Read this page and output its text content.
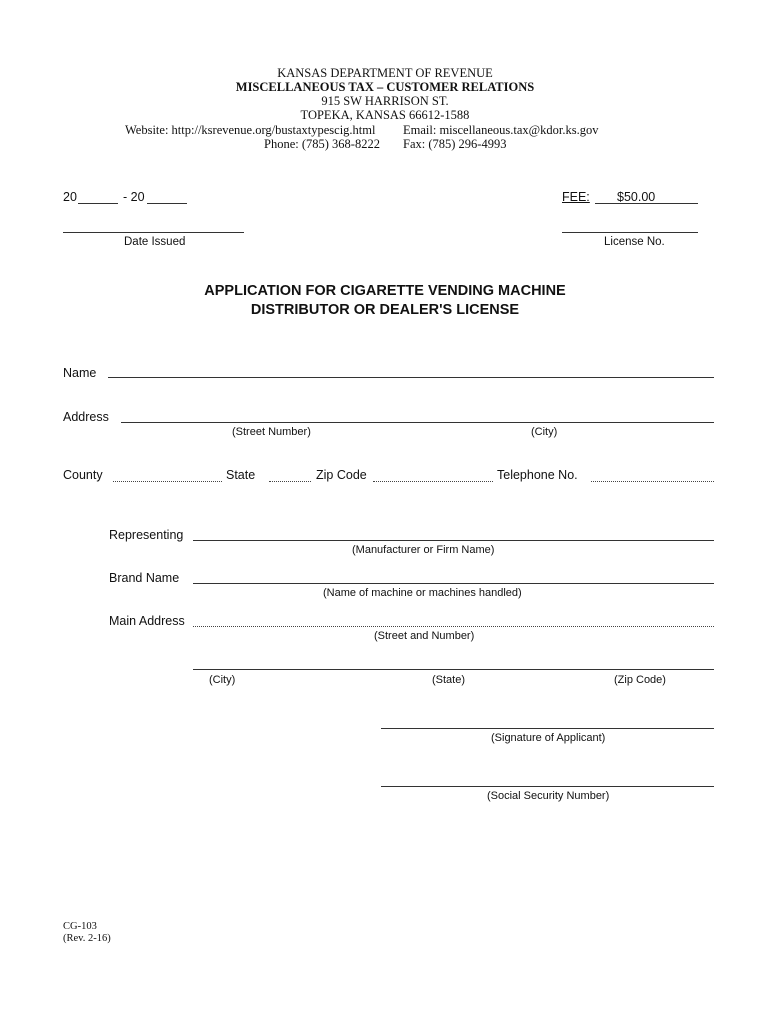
KANSAS DEPARTMENT OF REVENUE
MISCELLANEOUS TAX – CUSTOMER RELATIONS
915 SW HARRISON ST.
TOPEKA, KANSAS 66612-1588
Website: http://ksrevenue.org/bustaxtypescig.html Email: miscellaneous.tax@kdor.ks.gov
Phone: (785) 368-8222 Fax: (785) 296-4993
20	- 20
Date Issued
FEE: $50.00
License No.
APPLICATION FOR CIGARETTE VENDING MACHINE
DISTRIBUTOR OR DEALER'S LICENSE
Name
Address
(Street Number)	(City)
County	State	Zip Code	Telephone No.
Representing
(Manufacturer or Firm Name)
Brand Name
(Name of machine or machines handled)
Main Address
(Street and Number)
(City)	(State)	(Zip Code)
(Signature of Applicant)
(Social Security Number)
CG-103
(Rev. 2-16)
